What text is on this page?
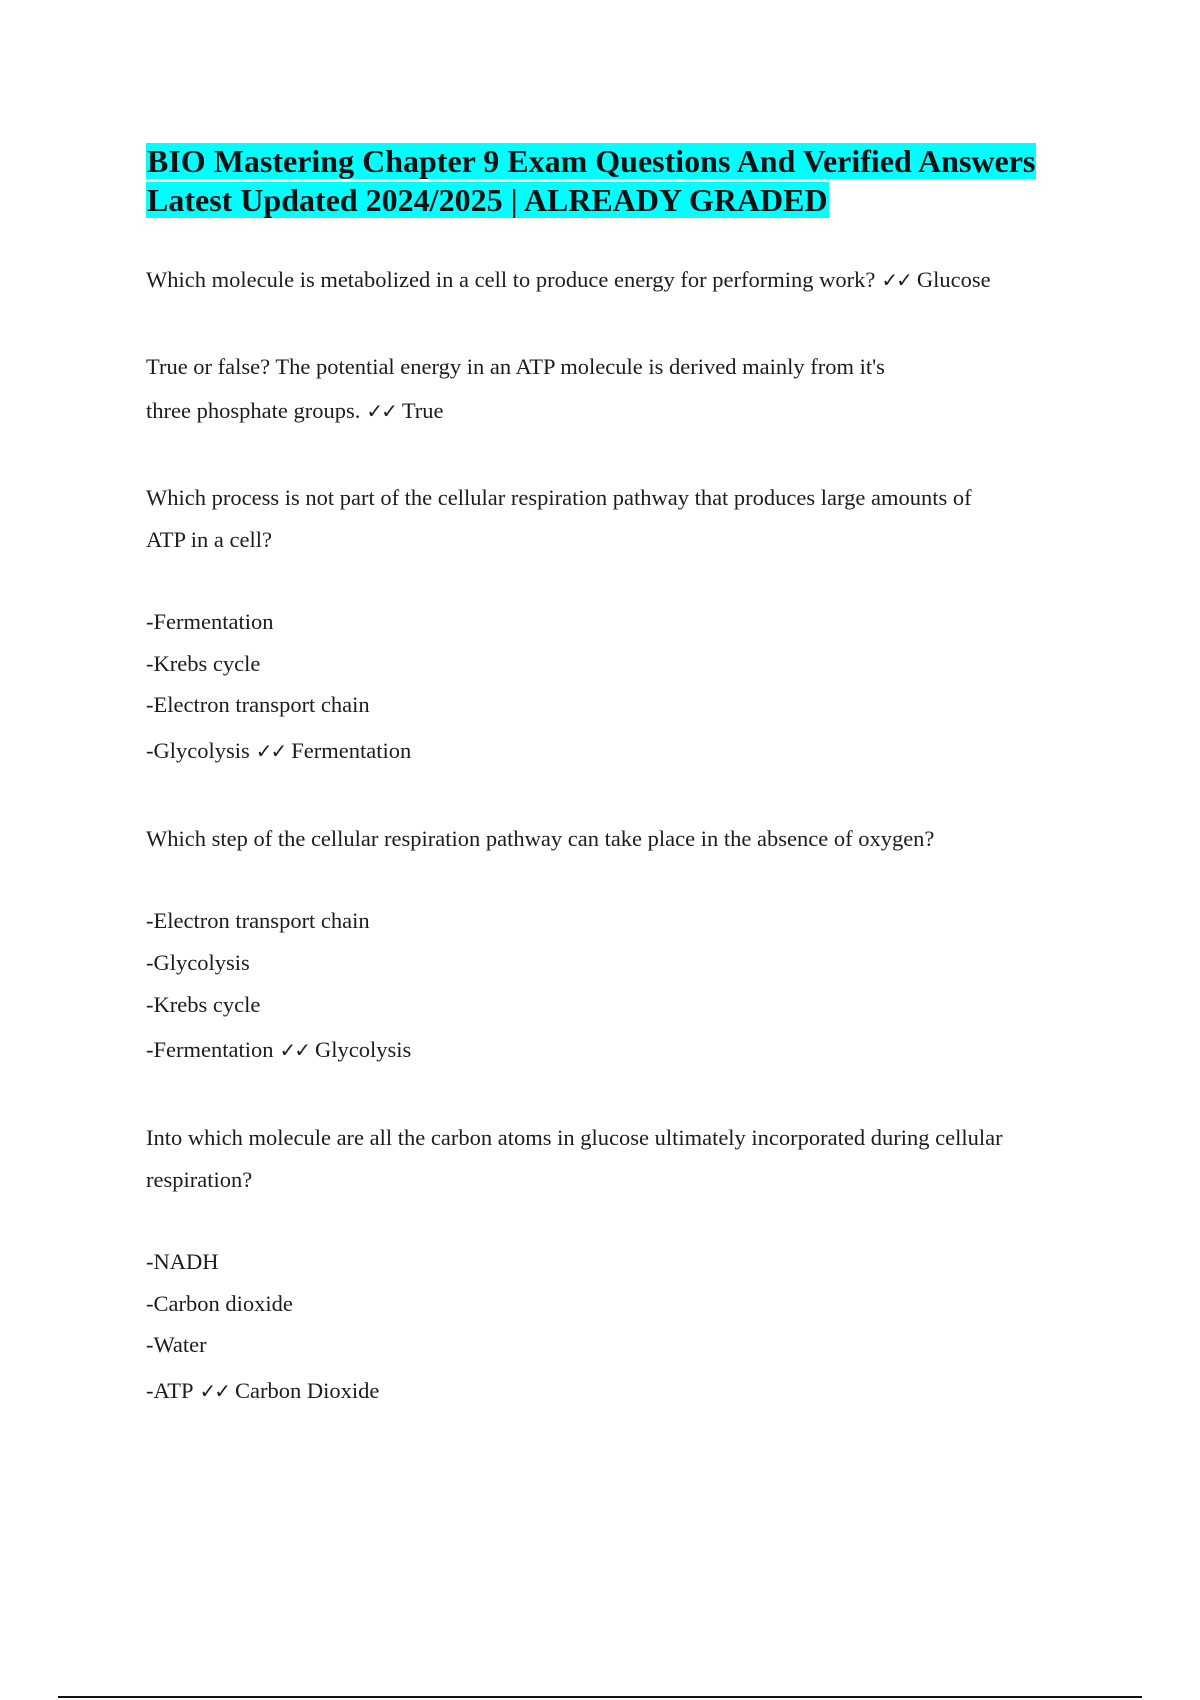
BIO Mastering Chapter 9 Exam Questions And Verified Answers
Latest Updated 2024/2025 | ALREADY GRADED

Which molecule is metabolized in a cell to produce energy for performing work? ✓✓ Glucose

True or false? The potential energy in an ATP molecule is derived mainly from it's

three phosphate groups. ✓✓ True

Which process is not part of the cellular respiration pathway that produces large amounts of

ATP in a cell?

-Fermentation

-Krebs cycle

-Electron transport chain

-Glycolysis ✓✓ Fermentation

Which step of the cellular respiration pathway can take place in the absence of oxygen?

-Electron transport chain

-Glycolysis

-Krebs cycle

-Fermentation ✓✓ Glycolysis

Into which molecule are all the carbon atoms in glucose ultimately incorporated during cellular

respiration?

-NADH

-Carbon dioxide

-Water

-ATP ✓✓ Carbon Dioxide
